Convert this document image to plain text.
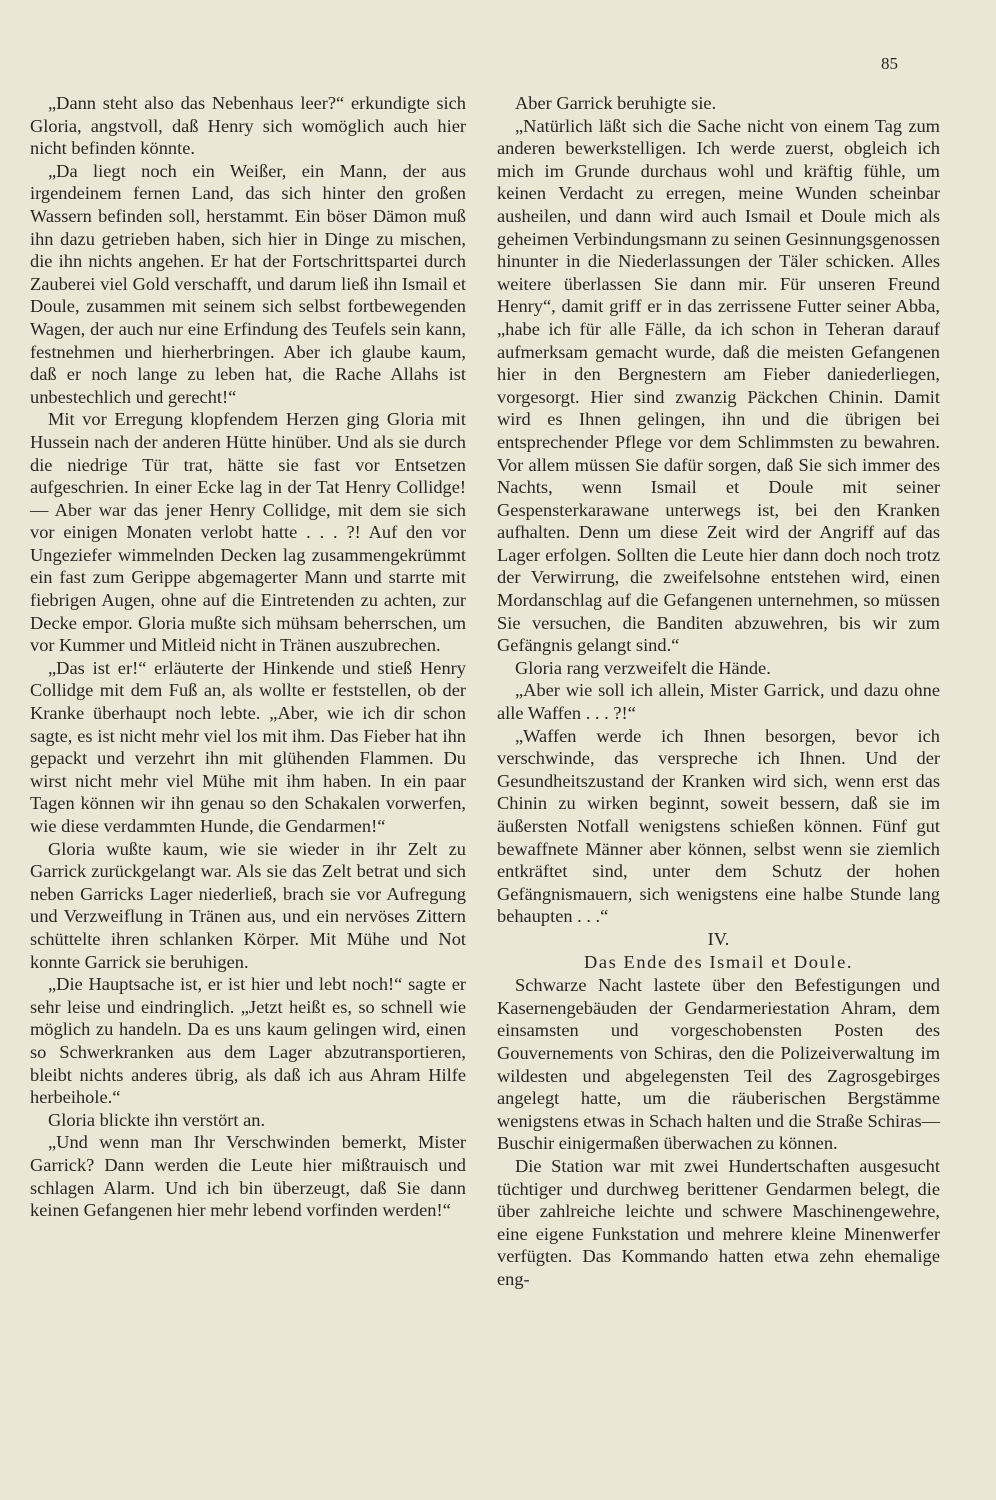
85

„Dann steht also das Nebenhaus leer?“ erkundigte sich Gloria, angstvoll, daß Henry sich womöglich auch hier nicht befinden könnte.

„Da liegt noch ein Weißer, ein Mann, der aus irgendeinem fernen Land, das sich hinter den großen Wassern befinden soll, herstammt. Ein böser Dämon muß ihn dazu getrieben haben, sich hier in Dinge zu mischen, die ihn nichts angehen. Er hat der Fortschrittspartei durch Zauberei viel Gold verschafft, und darum ließ ihn Ismail et Doule, zusammen mit seinem sich selbst fortbewegenden Wagen, der auch nur eine Erfindung des Teufels sein kann, festnehmen und hierherbringen. Aber ich glaube kaum, daß er noch lange zu leben hat, die Rache Allahs ist unbestechlich und gerecht!“

Mit vor Erregung klopfendem Herzen ging Gloria mit Hussein nach der anderen Hütte hinüber. Und als sie durch die niedrige Tür trat, hätte sie fast vor Entsetzen aufgeschrien. In einer Ecke lag in der Tat Henry Collidge! — Aber war das jener Henry Collidge, mit dem sie sich vor einigen Monaten verlobt hatte . . . ?! Auf den vor Ungeziefer wimmelnden Decken lag zusammengekrümmt ein fast zum Gerippe abgemagerter Mann und starrte mit fiebrigen Augen, ohne auf die Eintretenden zu achten, zur Decke empor. Gloria mußte sich mühsam beherrschen, um vor Kummer und Mitleid nicht in Tränen auszubrechen.

„Das ist er!“ erläuterte der Hinkende und stieß Henry Collidge mit dem Fuß an, als wollte er feststellen, ob der Kranke überhaupt noch lebte. „Aber, wie ich dir schon sagte, es ist nicht mehr viel los mit ihm. Das Fieber hat ihn gepackt und verzehrt ihn mit glühenden Flammen. Du wirst nicht mehr viel Mühe mit ihm haben. In ein paar Tagen können wir ihn genau so den Schakalen vorwerfen, wie diese verdammten Hunde, die Gendarmen!“

Gloria wußte kaum, wie sie wieder in ihr Zelt zu Garrick zurückgelangt war. Als sie das Zelt betrat und sich neben Garricks Lager niederließ, brach sie vor Aufregung und Verzweiflung in Tränen aus, und ein nervöses Zittern schüttelte ihren schlanken Körper. Mit Mühe und Not konnte Garrick sie beruhigen.

„Die Hauptsache ist, er ist hier und lebt noch!“ sagte er sehr leise und eindringlich. „Jetzt heißt es, so schnell wie möglich zu handeln. Da es uns kaum gelingen wird, einen so Schwerkranken aus dem Lager abzutransportieren, bleibt nichts anderes übrig, als daß ich aus Ahram Hilfe herbeihole.“

Gloria blickte ihn verstört an.

„Und wenn man Ihr Verschwinden bemerkt, Mister Garrick? Dann werden die Leute hier mißtrauisch und schlagen Alarm. Und ich bin überzeugt, daß Sie dann keinen Gefangenen hier mehr lebend vorfinden werden!“

Aber Garrick beruhigte sie.

„Natürlich läßt sich die Sache nicht von einem Tag zum anderen bewerkstelligen. Ich werde zuerst, obgleich ich mich im Grunde durchaus wohl und kräftig fühle, um keinen Verdacht zu erregen, meine Wunden scheinbar ausheilen, und dann wird auch Ismail et Doule mich als geheimen Verbindungsmann zu seinen Gesinnungsgenossen hinunter in die Niederlassungen der Täler schicken. Alles weitere überlassen Sie dann mir. Für unseren Freund Henry“, damit griff er in das zerrissene Futter seiner Abba, „habe ich für alle Fälle, da ich schon in Teheran darauf aufmerksam gemacht wurde, daß die meisten Gefangenen hier in den Bergnestern am Fieber daniederliegen, vorgesorgt. Hier sind zwanzig Päckchen Chinin. Damit wird es Ihnen gelingen, ihn und die übrigen bei entsprechender Pflege vor dem Schlimmsten zu bewahren. Vor allem müssen Sie dafür sorgen, daß Sie sich immer des Nachts, wenn Ismail et Doule mit seiner Gespensterkarawane unterwegs ist, bei den Kranken aufhalten. Denn um diese Zeit wird der Angriff auf das Lager erfolgen. Sollten die Leute hier dann doch noch trotz der Verwirrung, die zweifelsohne entstehen wird, einen Mordanschlag auf die Gefangenen unternehmen, so müssen Sie versuchen, die Banditen abzuwehren, bis wir zum Gefängnis gelangt sind.“

Gloria rang verzweifelt die Hände.

„Aber wie soll ich allein, Mister Garrick, und dazu ohne alle Waffen . . . ?!“

„Waffen werde ich Ihnen besorgen, bevor ich verschwinde, das verspreche ich Ihnen. Und der Gesundheitszustand der Kranken wird sich, wenn erst das Chinin zu wirken beginnt, soweit bessern, daß sie im äußersten Notfall wenigstens schießen können. Fünf gut bewaffnete Männer aber können, selbst wenn sie ziemlich entkräftet sind, unter dem Schutz der hohen Gefängnismauern, sich wenigstens eine halbe Stunde lang behaupten . . .“

IV.
Das Ende des Ismail et Doule.

Schwarze Nacht lastete über den Befestigungen und Kasernengebäuden der Gendarmeriestation Ahram, dem einsamsten und vorgeschobensten Posten des Gouvernements von Schiras, den die Polizeiverwaltung im wildesten und abgelegensten Teil des Zagrosgebirges angelegt hatte, um die räuberischen Bergstämme wenigstens etwas in Schach halten und die Straße Schiras—Buschir einigermaßen überwachen zu können.

Die Station war mit zwei Hundertschaften ausgesucht tüchtiger und durchweg berittener Gendarmen belegt, die über zahlreiche leichte und schwere Maschinengewehre, eine eigene Funkstation und mehrere kleine Minenwerfer verfügten. Das Kommando hatten etwa zehn ehemalige eng-
